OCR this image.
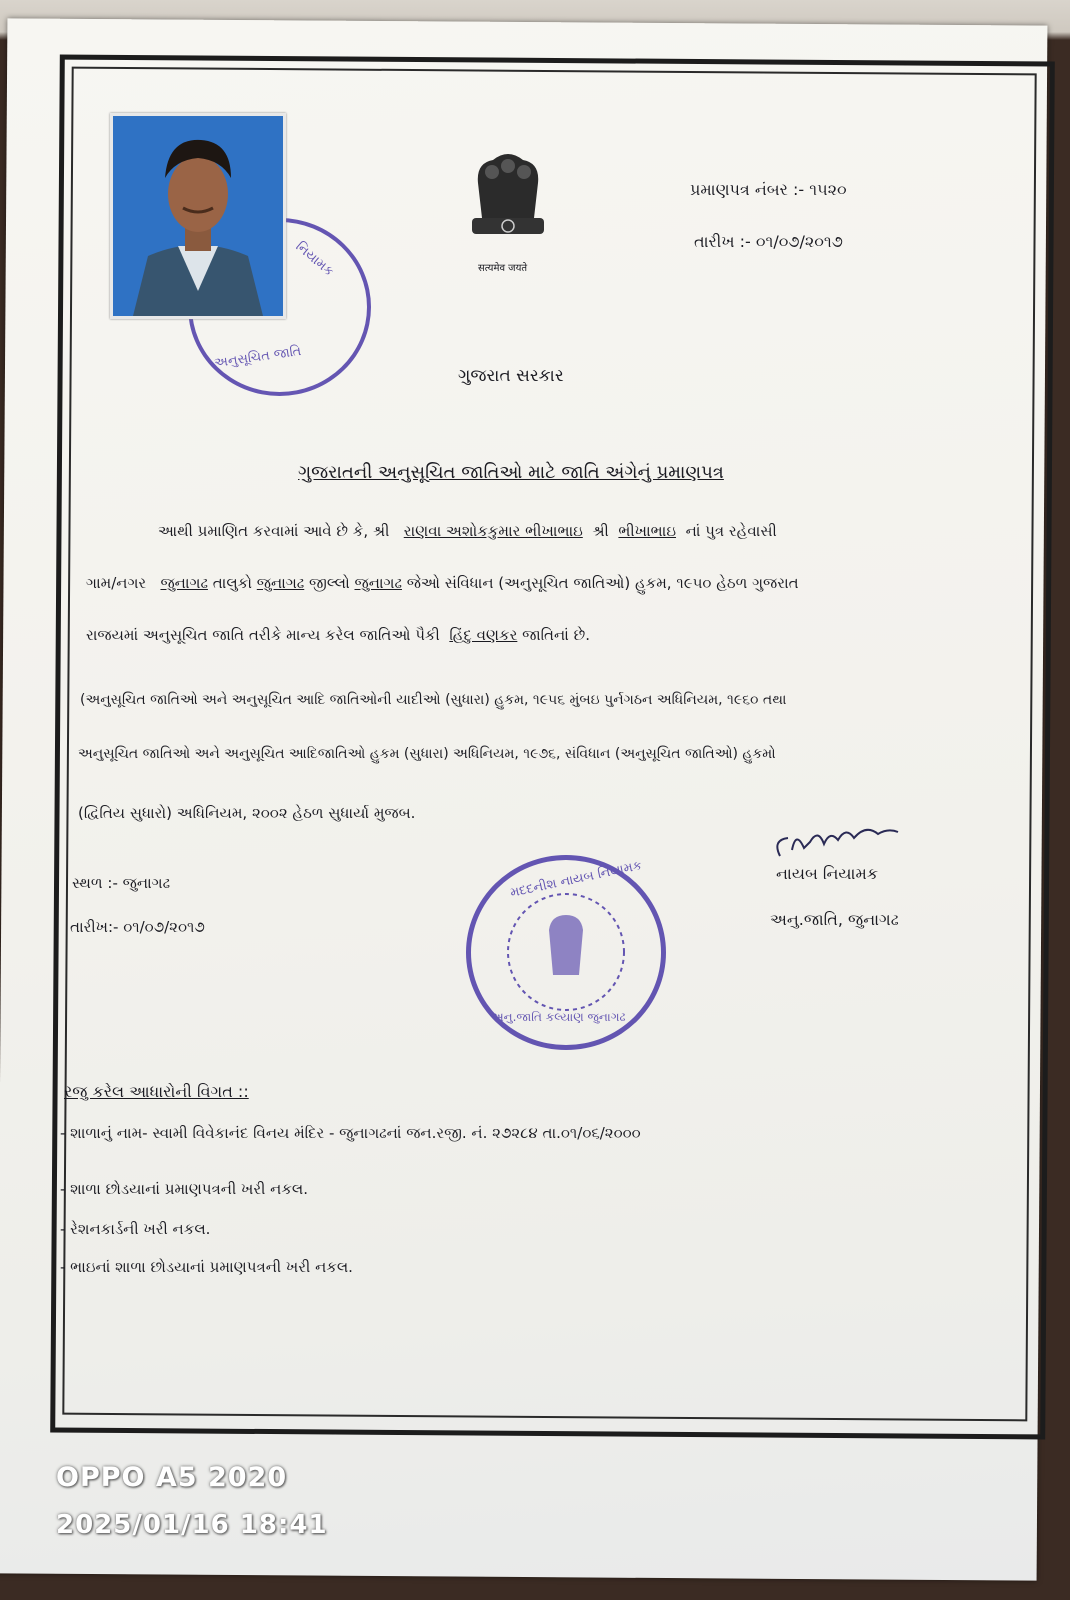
નિયામક
અનુસૂચિત જાતિ
सत्यमेव जयते
પ્રમાણપત્ર નંબર :- ૧૫૨૦
તારીખ :- ૦૧/૦૭/૨૦૧૭
ગુજરાત સરકાર
ગુજરાતની અનુસૂચિત જાતિઓ માટે જાતિ અંગેનું પ્રમાણપત્ર
આથી પ્રમાણિત કરવામાં આવે છે કે, શ્રી રાણવા અશોકકુમાર ભીખાભાઇ શ્રી ભીખાભાઇ નાં પુત્ર રહેવાસી
ગામ/નગર જુનાગઢ તાલુકો જુનાગઢ જીલ્લો જુનાગઢ જેઓ સંવિધાન (અનુસૂચિત જાતિઓ) હુકમ, ૧૯૫૦ હેઠળ ગુજરાત
રાજયમાં અનુસૂચિત જાતિ તરીકે માન્ય કરેલ જાતિઓ પૈકી હિંદુ વણકર જાતિનાં છે.
(અનુસૂચિત જાતિઓ અને અનુસૂચિત આદિ જાતિઓની યાદીઓ (સુધારા) હુકમ, ૧૯૫૬ મુંબઇ પુર્નગઠન અધિનિયમ, ૧૯૬૦ તથા
અનુસૂચિત જાતિઓ અને અનુસૂચિત આદિજાતિઓ હુકમ (સુધારા) અધિનિયમ, ૧૯૭૬, સંવિધાન (અનુસૂચિત જાતિઓ) હુકમો
(દ્વિતિય સુધારો) અધિનિયમ, ૨૦૦૨ હેઠળ સુધાર્યા મુજબ.
સ્થળ :- જુનાગઢ
તારીખ:- ૦૧/૦૭/૨૦૧૭
મદદનીશ નાયબ નિયામક
અનુ.જાતિ કલ્યાણ જુનાગઢ
નાયબ નિયામક
અનુ.જાતિ, જુનાગઢ
રજુ કરેલ આધારોની વિગત ::
- શાળાનું નામ- સ્વામી વિવેકાનંદ વિનય મંદિર - જુનાગઢનાં જન.રજી. નં. ૨૭૨૮૪ તા.૦૧/૦૬/૨૦૦૦
- શાળા છોડયાનાં પ્રમાણપત્રની ખરી નકલ.
- રેશનકાર્ડની ખરી નકલ.
- ભાઇનાં શાળા છોડયાનાં પ્રમાણપત્રની ખરી નકલ.
OPPO A5 2020
2025/01/16 18:41
